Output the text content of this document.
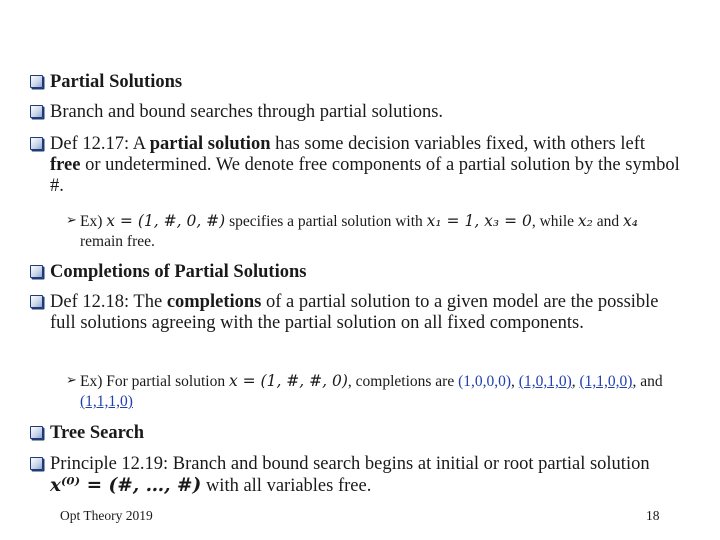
Partial Solutions
Branch and bound searches through partial solutions.
Def 12.17: A partial solution has some decision variables fixed, with others left free or undetermined. We denote free components of a partial solution by the symbol #.
➢ Ex) x = (1, #, 0, #) specifies a partial solution with x₁ = 1, x₃ = 0, while x₂ and x₄ remain free.
Completions of Partial Solutions
Def 12.18: The completions of a partial solution to a given model are the possible full solutions agreeing with the partial solution on all fixed components.
➢ Ex) For partial solution x = (1, #, #, 0), completions are (1,0,0,0), (1,0,1,0), (1,1,0,0), and (1,1,1,0)
Tree Search
Principle 12.19: Branch and bound search begins at initial or root partial solution x⁽⁰⁾ = (#, …, #) with all variables free.
Opt Theory 2019	18
